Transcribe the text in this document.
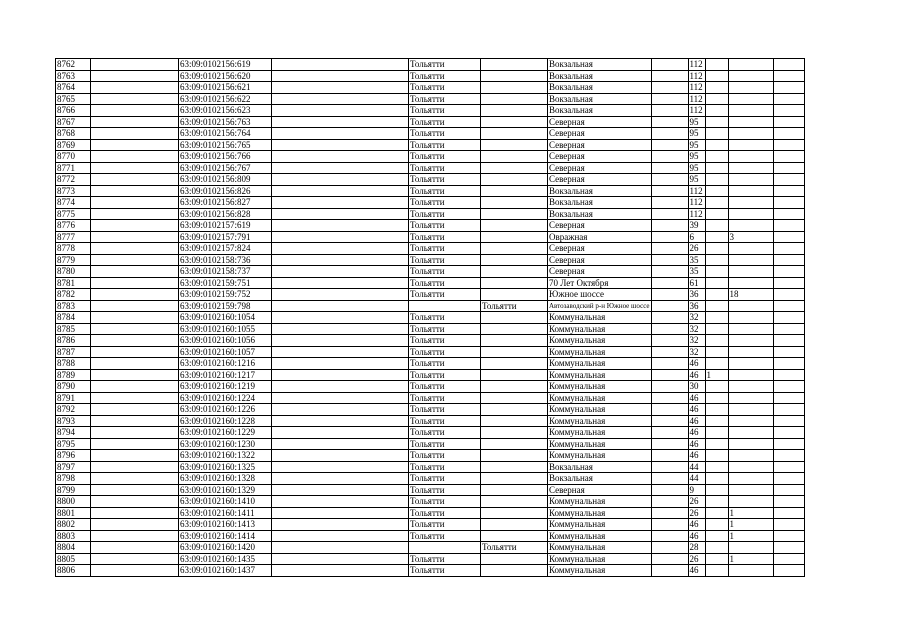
8762		63:09:0102156:619		Тольятти		Вокзальная		112			
8763		63:09:0102156:620		Тольятти		Вокзальная		112			
8764		63:09:0102156:621		Тольятти		Вокзальная		112			
8765		63:09:0102156:622		Тольятти		Вокзальная		112			
8766		63:09:0102156:623		Тольятти		Вокзальная		112			
8767		63:09:0102156:763		Тольятти		Северная		95			
8768		63:09:0102156:764		Тольятти		Северная		95			
8769		63:09:0102156:765		Тольятти		Северная		95			
8770		63:09:0102156:766		Тольятти		Северная		95			
8771		63:09:0102156:767		Тольятти		Северная		95			
8772		63:09:0102156:809		Тольятти		Северная		95			
8773		63:09:0102156:826		Тольятти		Вокзальная		112			
8774		63:09:0102156:827		Тольятти		Вокзальная		112			
8775		63:09:0102156:828		Тольятти		Вокзальная		112			
8776		63:09:0102157:619		Тольятти		Северная		39			
8777		63:09:0102157:791		Тольятти		Овражная		6		3	
8778		63:09:0102157:824		Тольятти		Северная		26			
8779		63:09:0102158:736		Тольятти		Северная		35			
8780		63:09:0102158:737		Тольятти		Северная		35			
8781		63:09:0102159:751		Тольятти		70 Лет Октября		61			
8782		63:09:0102159:752		Тольятти		Южное шоссе		36		18	
8783		63:09:0102159:798			Тольятти	Автозаводский р-н Южное шоссе		36			
8784		63:09:0102160:1054		Тольятти		Коммунальная		32			
8785		63:09:0102160:1055		Тольятти		Коммунальная		32			
8786		63:09:0102160:1056		Тольятти		Коммунальная		32			
8787		63:09:0102160:1057		Тольятти		Коммунальная		32			
8788		63:09:0102160:1216		Тольятти		Коммунальная		46			
8789		63:09:0102160:1217		Тольятти		Коммунальная		46	1		
8790		63:09:0102160:1219		Тольятти		Коммунальная		30			
8791		63:09:0102160:1224		Тольятти		Коммунальная		46			
8792		63:09:0102160:1226		Тольятти		Коммунальная		46			
8793		63:09:0102160:1228		Тольятти		Коммунальная		46			
8794		63:09:0102160:1229		Тольятти		Коммунальная		46			
8795		63:09:0102160:1230		Тольятти		Коммунальная		46			
8796		63:09:0102160:1322		Тольятти		Коммунальная		46			
8797		63:09:0102160:1325		Тольятти		Вокзальная		44			
8798		63:09:0102160:1328		Тольятти		Вокзальная		44			
8799		63:09:0102160:1329		Тольятти		Северная		9			
8800		63:09:0102160:1410		Тольятти		Коммунальная		26			
8801		63:09:0102160:1411		Тольятти		Коммунальная		26		1	
8802		63:09:0102160:1413		Тольятти		Коммунальная		46		1	
8803		63:09:0102160:1414		Тольятти		Коммунальная		46		1	
8804		63:09:0102160:1420			Тольятти	Коммунальная		28			
8805		63:09:0102160:1435		Тольятти		Коммунальная		26		1	
8806		63:09:0102160:1437		Тольятти		Коммунальная		46			
